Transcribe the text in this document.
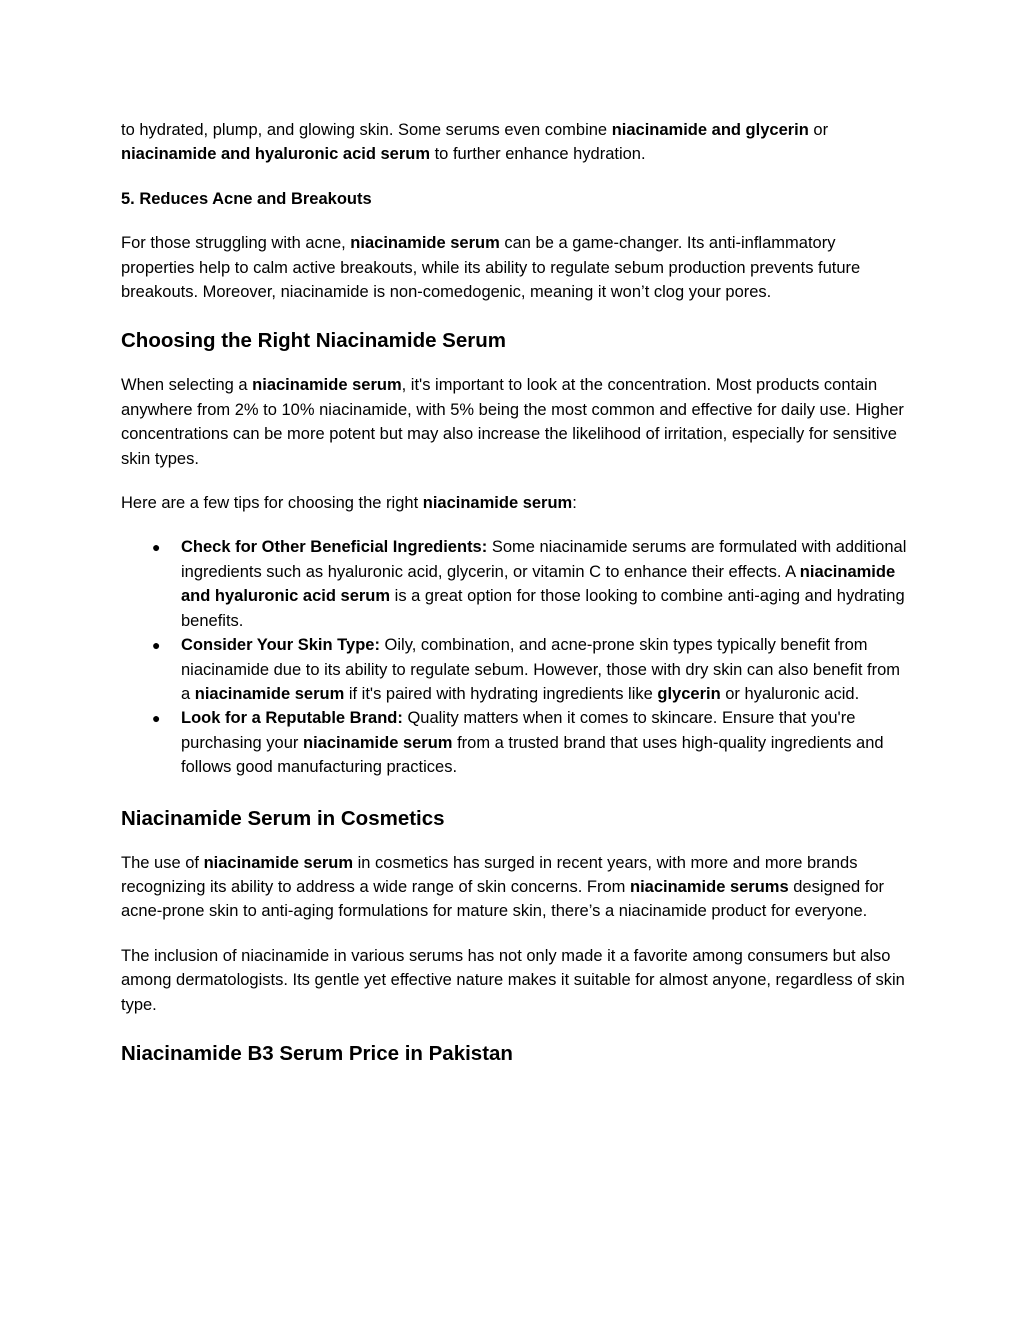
to hydrated, plump, and glowing skin. Some serums even combine niacinamide and glycerin or niacinamide and hyaluronic acid serum to further enhance hydration.

5. Reduces Acne and Breakouts

For those struggling with acne, niacinamide serum can be a game-changer. Its anti-inflammatory properties help to calm active breakouts, while its ability to regulate sebum production prevents future breakouts. Moreover, niacinamide is non-comedogenic, meaning it won’t clog your pores.

Choosing the Right Niacinamide Serum

When selecting a niacinamide serum, it's important to look at the concentration. Most products contain anywhere from 2% to 10% niacinamide, with 5% being the most common and effective for daily use. Higher concentrations can be more potent but may also increase the likelihood of irritation, especially for sensitive skin types.

Here are a few tips for choosing the right niacinamide serum:

● Check for Other Beneficial Ingredients: Some niacinamide serums are formulated with additional ingredients such as hyaluronic acid, glycerin, or vitamin C to enhance their effects. A niacinamide and hyaluronic acid serum is a great option for those looking to combine anti-aging and hydrating benefits.
● Consider Your Skin Type: Oily, combination, and acne-prone skin types typically benefit from niacinamide due to its ability to regulate sebum. However, those with dry skin can also benefit from a niacinamide serum if it's paired with hydrating ingredients like glycerin or hyaluronic acid.
● Look for a Reputable Brand: Quality matters when it comes to skincare. Ensure that you're purchasing your niacinamide serum from a trusted brand that uses high-quality ingredients and follows good manufacturing practices.
Niacinamide Serum in Cosmetics

The use of niacinamide serum in cosmetics has surged in recent years, with more and more brands recognizing its ability to address a wide range of skin concerns. From niacinamide serums designed for acne-prone skin to anti-aging formulations for mature skin, there’s a niacinamide product for everyone.

The inclusion of niacinamide in various serums has not only made it a favorite among consumers but also among dermatologists. Its gentle yet effective nature makes it suitable for almost anyone, regardless of skin type.

Niacinamide B3 Serum Price in Pakistan
